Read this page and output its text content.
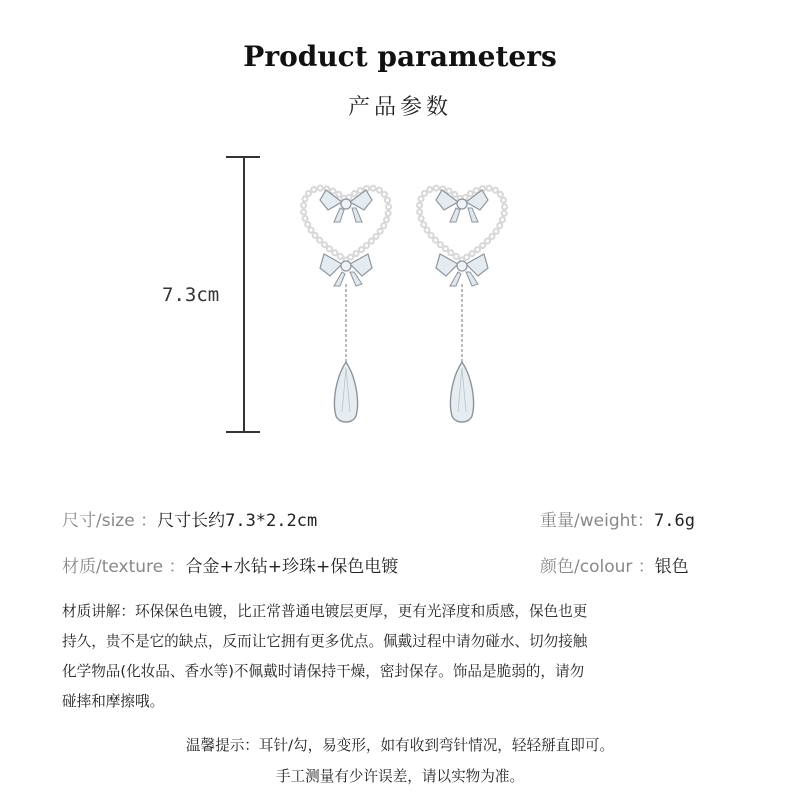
Product parameters
产品参数
7.3cm
尺寸/size ：尺寸长约7.3*2.2cm	重量/weight：7.6g
材质/texture ：合金+水钻+珍珠+保色电镀	颜色/colour ：银色
材质讲解：环保保色电镀，比正常普通电镀层更厚，更有光泽度和质感，保色也更
持久，贵不是它的缺点，反而让它拥有更多优点。佩戴过程中请勿碰水、切勿接触
化学物品(化妆品、香水等)不佩戴时请保持干燥，密封保存。饰品是脆弱的，请勿
碰摔和摩擦哦。
温馨提示：耳针/勾，易变形，如有收到弯针情况，轻轻掰直即可。
手工测量有少许误差，请以实物为准。
